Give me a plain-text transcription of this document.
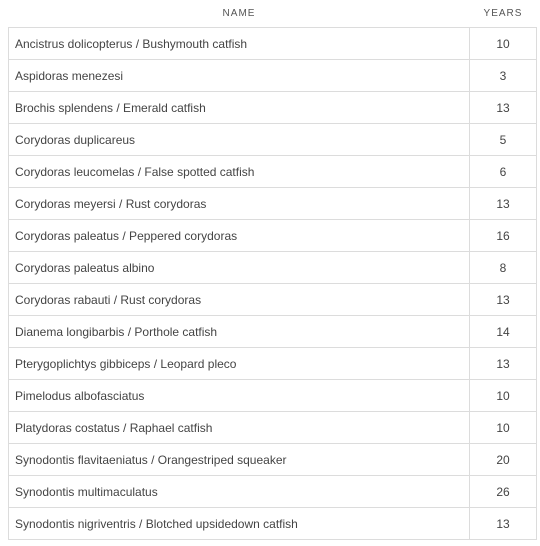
NAME	YEARS
Ancistrus dolicopterus / Bushymouth catfish	10
Aspidoras menezesi	3
Brochis splendens / Emerald catfish	13
Corydoras duplicareus	5
Corydoras leucomelas / False spotted catfish	6
Corydoras meyersi / Rust corydoras	13
Corydoras paleatus / Peppered corydoras	16
Corydoras paleatus albino	8
Corydoras rabauti / Rust corydoras	13
Dianema longibarbis / Porthole catfish	14
Pterygoplichtys gibbiceps / Leopard pleco	13
Pimelodus albofasciatus	10
Platydoras costatus / Raphael catfish	10
Synodontis flavitaeniatus / Orangestriped squeaker	20
Synodontis multimaculatus	26
Synodontis nigriventris / Blotched upsidedown catfish	13
